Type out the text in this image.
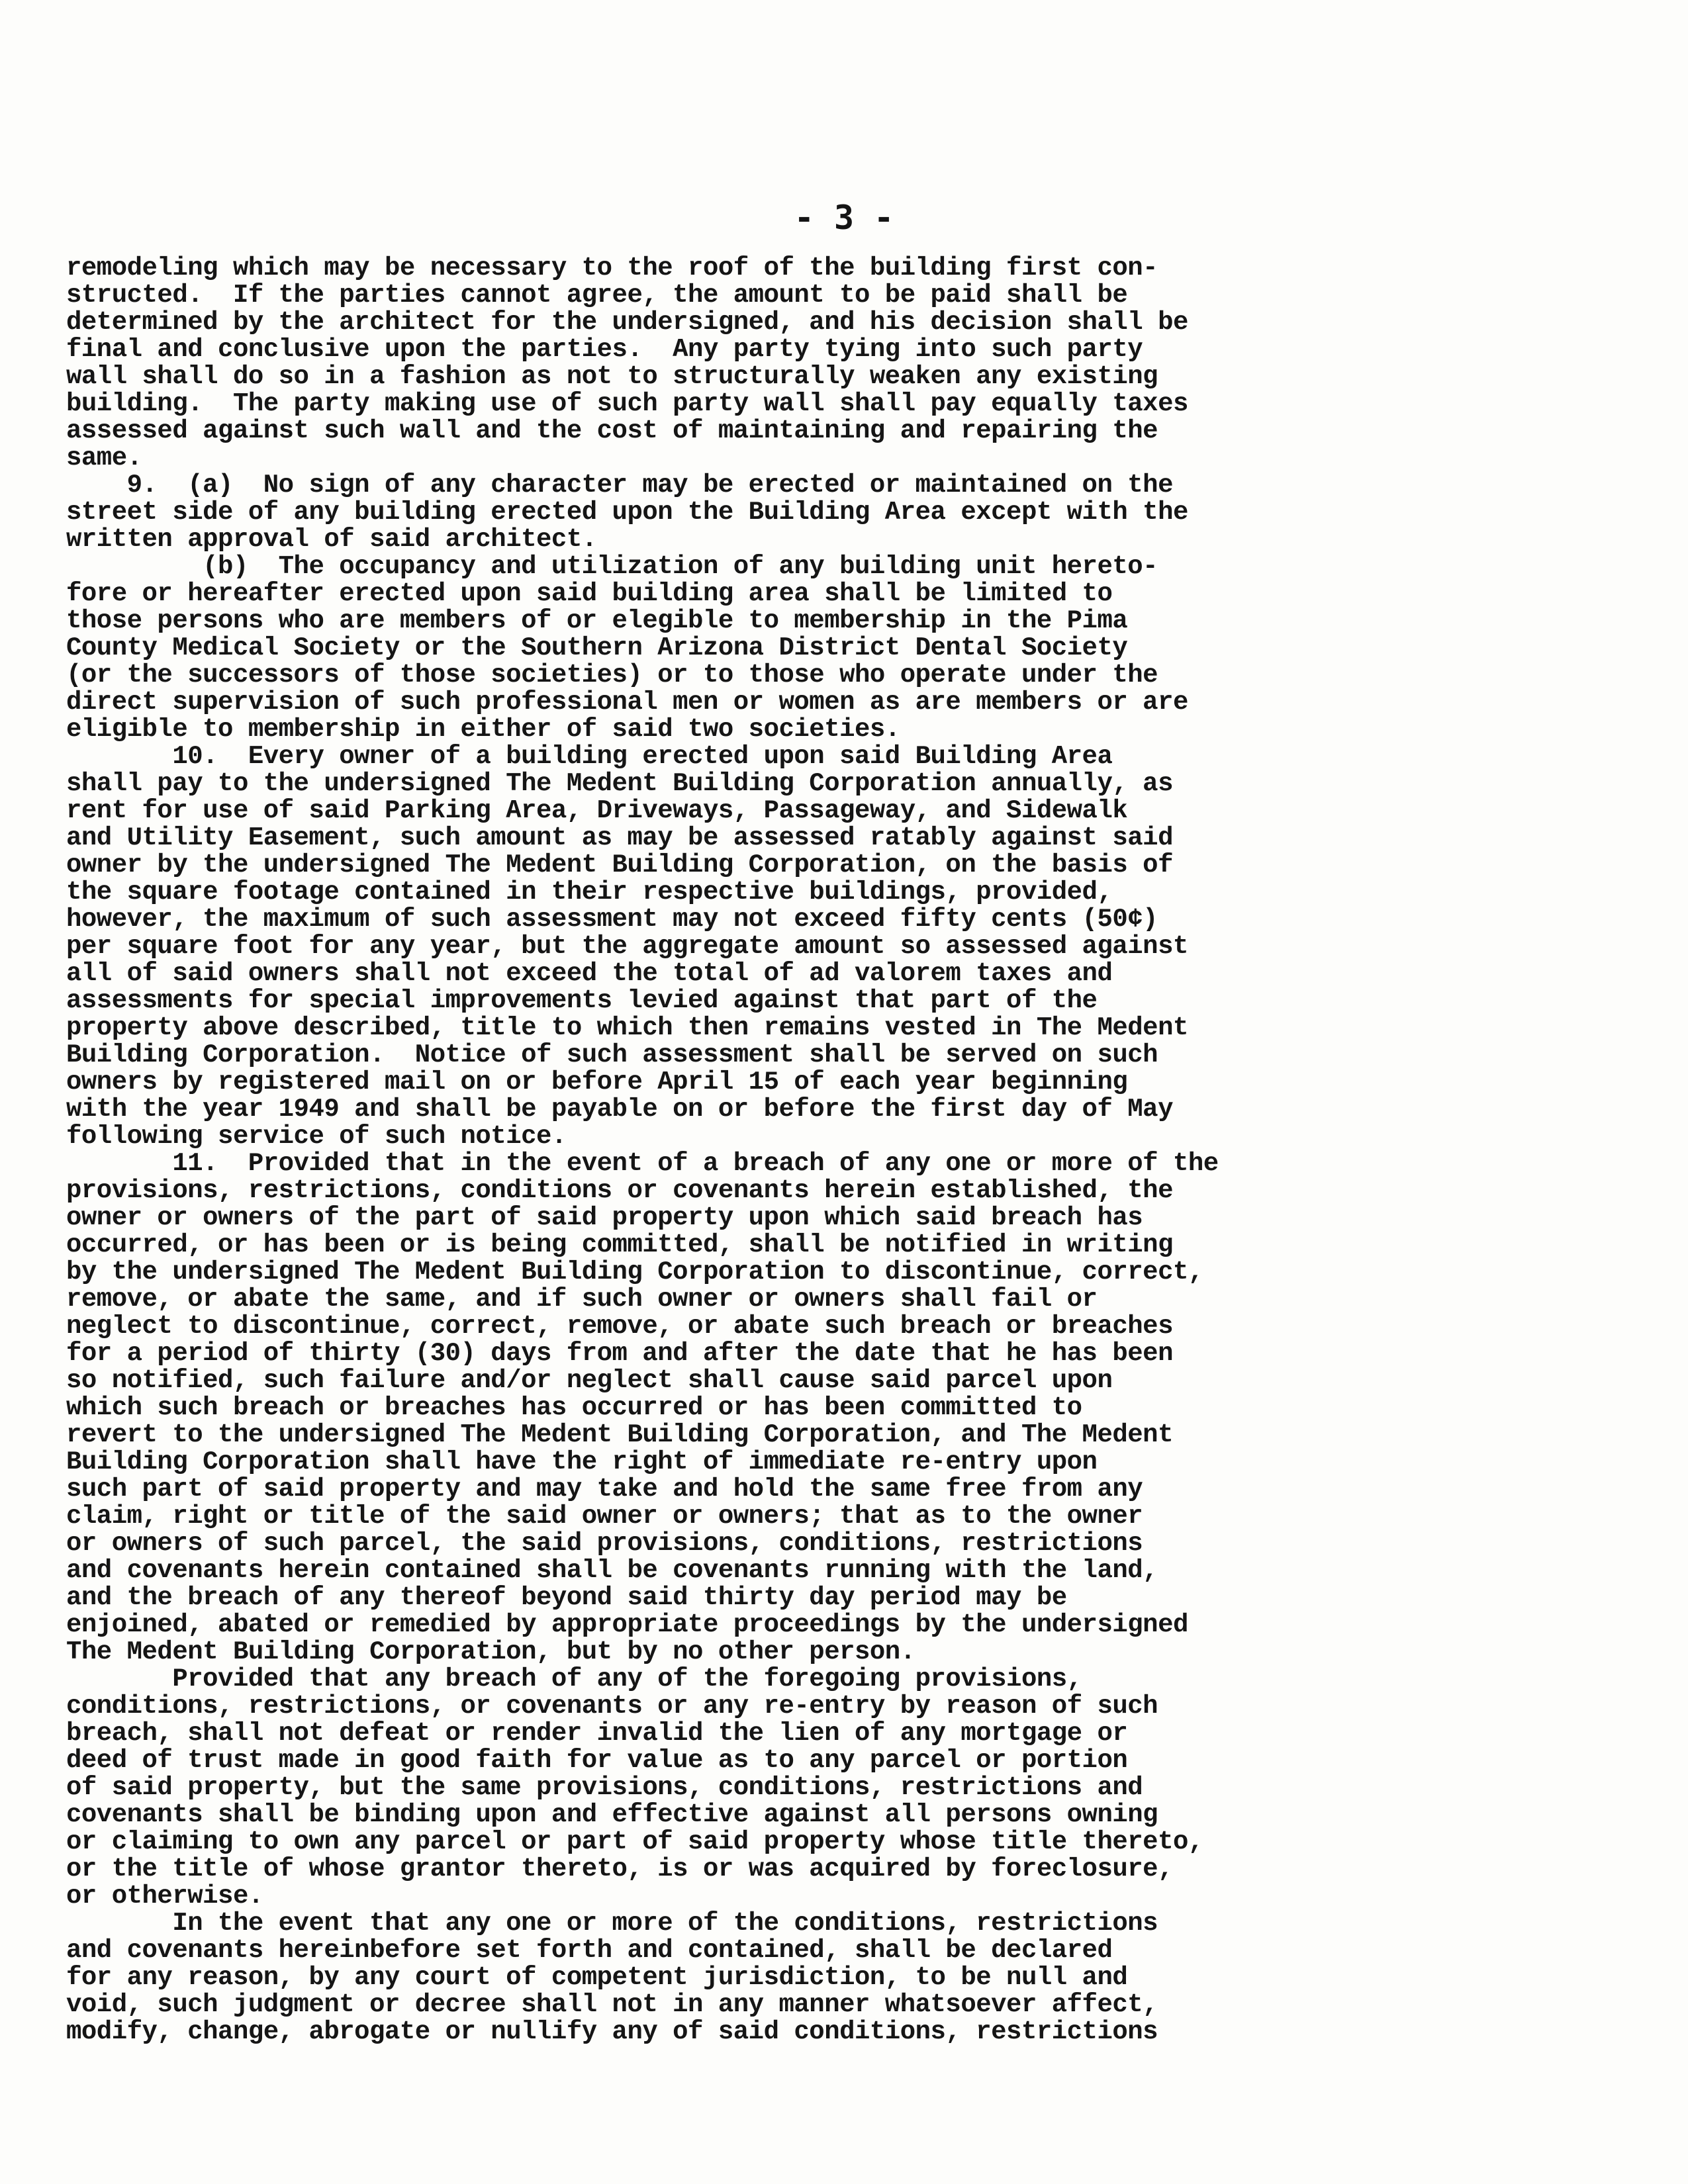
- 3 -
remodeling which may be necessary to the roof of the building first con-
structed.  If the parties cannot agree, the amount to be paid shall be
determined by the architect for the undersigned, and his decision shall be
final and conclusive upon the parties.  Any party tying into such party
wall shall do so in a fashion as not to structurally weaken any existing
building.  The party making use of such party wall shall pay equally taxes
assessed against such wall and the cost of maintaining and repairing the
same.
9.  (a)  No sign of any character may be erected or maintained on the
street side of any building erected upon the Building Area except with the
written approval of said architect.
(b)  The occupancy and utilization of any building unit hereto-
fore or hereafter erected upon said building area shall be limited to
those persons who are members of or elegible to membership in the Pima
County Medical Society or the Southern Arizona District Dental Society
(or the successors of those societies) or to those who operate under the
direct supervision of such professional men or women as are members or are
eligible to membership in either of said two societies.
10.  Every owner of a building erected upon said Building Area
shall pay to the undersigned The Medent Building Corporation annually, as
rent for use of said Parking Area, Driveways, Passageway, and Sidewalk
and Utility Easement, such amount as may be assessed ratably against said
owner by the undersigned The Medent Building Corporation, on the basis of
the square footage contained in their respective buildings, provided,
however, the maximum of such assessment may not exceed fifty cents (50¢)
per square foot for any year, but the aggregate amount so assessed against
all of said owners shall not exceed the total of ad valorem taxes and
assessments for special improvements levied against that part of the
property above described, title to which then remains vested in The Medent
Building Corporation.  Notice of such assessment shall be served on such
owners by registered mail on or before April 15 of each year beginning
with the year 1949 and shall be payable on or before the first day of May
following service of such notice.
11.  Provided that in the event of a breach of any one or more of the
provisions, restrictions, conditions or covenants herein established, the
owner or owners of the part of said property upon which said breach has
occurred, or has been or is being committed, shall be notified in writing
by the undersigned The Medent Building Corporation to discontinue, correct,
remove, or abate the same, and if such owner or owners shall fail or
neglect to discontinue, correct, remove, or abate such breach or breaches
for a period of thirty (30) days from and after the date that he has been
so notified, such failure and/or neglect shall cause said parcel upon
which such breach or breaches has occurred or has been committed to
revert to the undersigned The Medent Building Corporation, and The Medent
Building Corporation shall have the right of immediate re-entry upon
such part of said property and may take and hold the same free from any
claim, right or title of the said owner or owners; that as to the owner
or owners of such parcel, the said provisions, conditions, restrictions
and covenants herein contained shall be covenants running with the land,
and the breach of any thereof beyond said thirty day period may be
enjoined, abated or remedied by appropriate proceedings by the undersigned
The Medent Building Corporation, but by no other person.
Provided that any breach of any of the foregoing provisions,
conditions, restrictions, or covenants or any re-entry by reason of such
breach, shall not defeat or render invalid the lien of any mortgage or
deed of trust made in good faith for value as to any parcel or portion
of said property, but the same provisions, conditions, restrictions and
covenants shall be binding upon and effective against all persons owning
or claiming to own any parcel or part of said property whose title thereto,
or the title of whose grantor thereto, is or was acquired by foreclosure,
or otherwise.
In the event that any one or more of the conditions, restrictions
and covenants hereinbefore set forth and contained, shall be declared
for any reason, by any court of competent jurisdiction, to be null and
void, such judgment or decree shall not in any manner whatsoever affect,
modify, change, abrogate or nullify any of said conditions, restrictions
